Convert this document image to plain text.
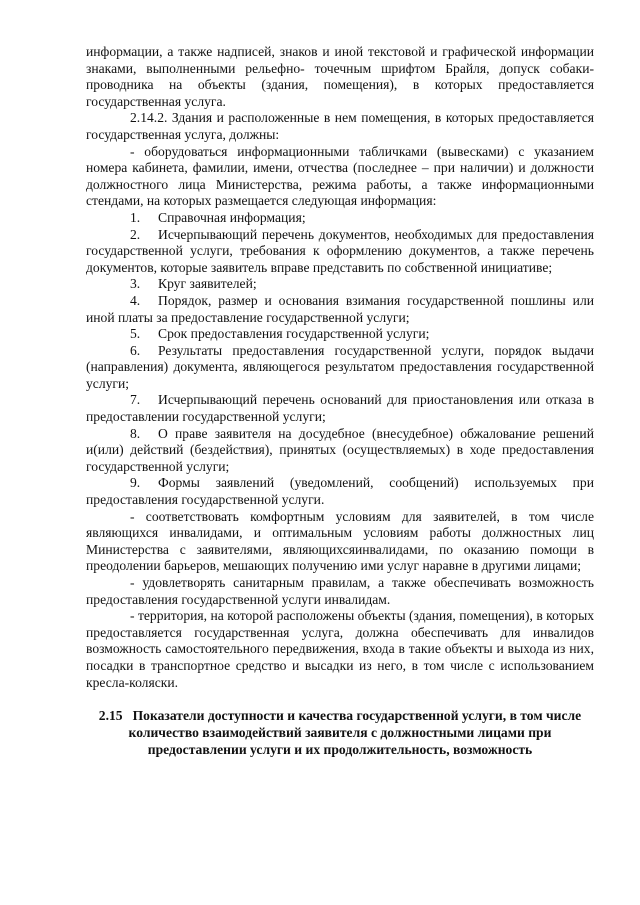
информации, а также надписей, знаков и иной текстовой и графической информации знаками, выполненными рельефно- точечным шрифтом Брайля, допуск собаки-проводника на объекты (здания, помещения), в которых предоставляется государственная услуга.

2.14.2. Здания и расположенные в нем помещения, в которых предоставляется государственная услуга, должны:

- оборудоваться информационными табличками (вывесками) с указанием номера кабинета, фамилии, имени, отчества (последнее – при наличии) и должности должностного лица Министерства, режима работы, а также информационными стендами, на которых размещается следующая информация:

1. Справочная информация;

2. Исчерпывающий перечень документов, необходимых для предоставления государственной услуги, требования к оформлению документов, а также перечень документов, которые заявитель вправе представить по собственной инициативе;

3. Круг заявителей;

4. Порядок, размер и основания взимания государственной пошлины или иной платы за предоставление государственной услуги;

5. Срок предоставления государственной услуги;

6. Результаты предоставления государственной услуги, порядок выдачи (направления) документа, являющегося результатом предоставления государственной услуги;

7. Исчерпывающий перечень оснований для приостановления или отказа в предоставлении государственной услуги;

8. О праве заявителя на досудебное (внесудебное) обжалование решений и(или) действий (бездействия), принятых (осуществляемых) в ходе предоставления государственной услуги;

9. Формы заявлений (уведомлений, сообщений) используемых при предоставления государственной услуги.

- соответствовать комфортным условиям для заявителей, в том числе являющихся инвалидами, и оптимальным условиям работы должностных лиц Министерства с заявителями, являющихсяинвалидами, по оказанию помощи в преодолении барьеров, мешающих получению ими услуг наравне в другими лицами;

- удовлетворять санитарным правилам, а также обеспечивать возможность предоставления государственной услуги инвалидам.

- территория, на которой расположены объекты (здания, помещения), в которых предоставляется государственная услуга, должна обеспечивать для инвалидов возможность самостоятельного передвижения, входа в такие объекты и выхода из них, посадки в транспортное средство и высадки из него, в том числе с использованием кресла-коляски.

2.15 Показатели доступности и качества государственной услуги, в том числе количество взаимодействий заявителя с должностными лицами при предоставлении услуги и их продолжительность, возможность
